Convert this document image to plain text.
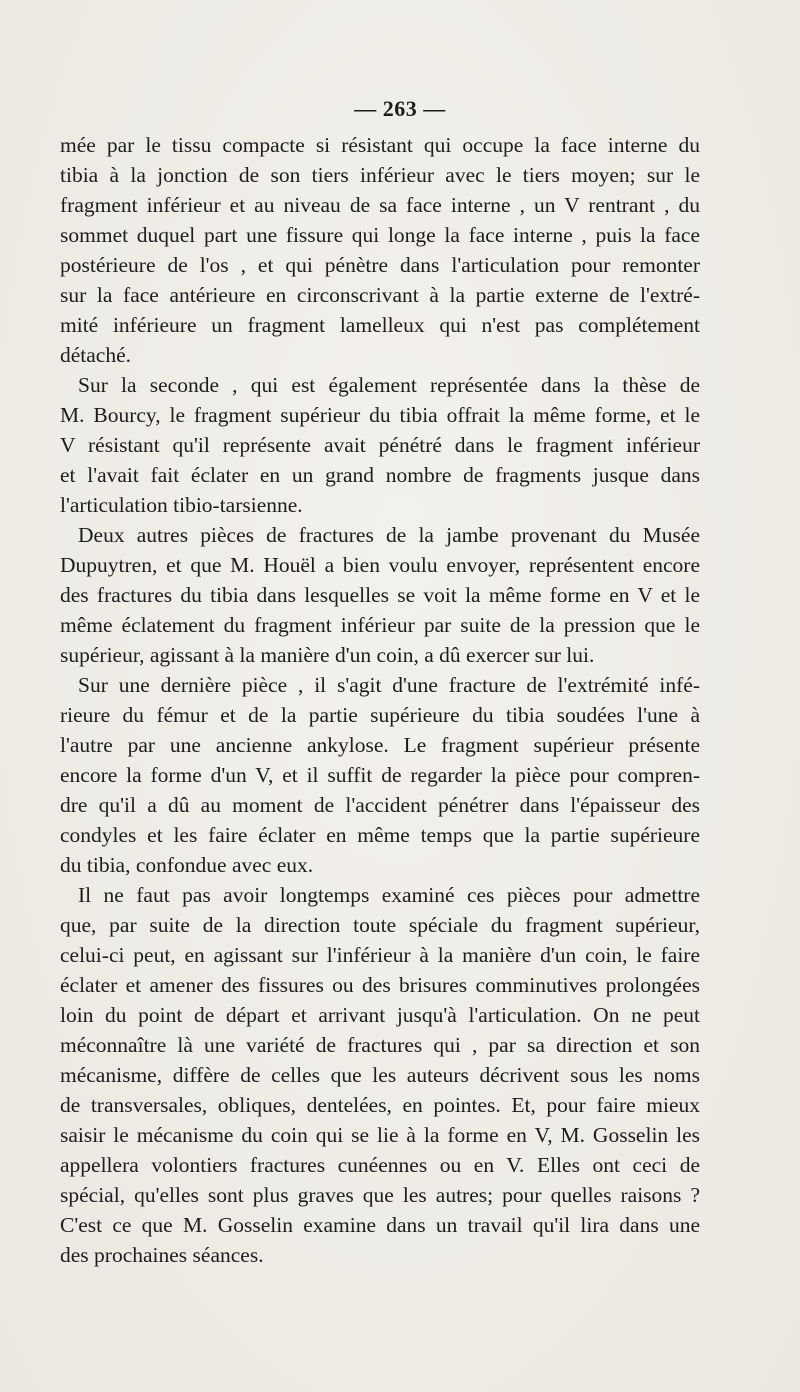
— 263 —
mée par le tissu compacte si résistant qui occupe la face interne du
tibia à la jonction de son tiers inférieur avec le tiers moyen; sur le
fragment inférieur et au niveau de sa face interne , un V rentrant , du
sommet duquel part une fissure qui longe la face interne , puis la face
postérieure de l'os , et qui pénètre dans l'articulation pour remonter
sur la face antérieure en circonscrivant à la partie externe de l'extré-
mité inférieure un fragment lamelleux qui n'est pas complétement
détaché.
Sur la seconde , qui est également représentée dans la thèse de
M. Bourcy, le fragment supérieur du tibia offrait la même forme, et le
V résistant qu'il représente avait pénétré dans le fragment inférieur
et l'avait fait éclater en un grand nombre de fragments jusque dans
l'articulation tibio-tarsienne.
Deux autres pièces de fractures de la jambe provenant du Musée
Dupuytren, et que M. Houël a bien voulu envoyer, représentent encore
des fractures du tibia dans lesquelles se voit la même forme en V et le
même éclatement du fragment inférieur par suite de la pression que le
supérieur, agissant à la manière d'un coin, a dû exercer sur lui.
Sur une dernière pièce , il s'agit d'une fracture de l'extrémité infé-
rieure du fémur et de la partie supérieure du tibia soudées l'une à
l'autre par une ancienne ankylose. Le fragment supérieur présente
encore la forme d'un V, et il suffit de regarder la pièce pour compren-
dre qu'il a dû au moment de l'accident pénétrer dans l'épaisseur des
condyles et les faire éclater en même temps que la partie supérieure
du tibia, confondue avec eux.
Il ne faut pas avoir longtemps examiné ces pièces pour admettre
que, par suite de la direction toute spéciale du fragment supérieur,
celui-ci peut, en agissant sur l'inférieur à la manière d'un coin, le faire
éclater et amener des fissures ou des brisures comminutives prolongées
loin du point de départ et arrivant jusqu'à l'articulation. On ne peut
méconnaître là une variété de fractures qui , par sa direction et son
mécanisme, diffère de celles que les auteurs décrivent sous les noms
de transversales, obliques, dentelées, en pointes. Et, pour faire mieux
saisir le mécanisme du coin qui se lie à la forme en V, M. Gosselin les
appellera volontiers fractures cunéennes ou en V. Elles ont ceci de
spécial, qu'elles sont plus graves que les autres; pour quelles raisons ?
C'est ce que M. Gosselin examine dans un travail qu'il lira dans une
des prochaines séances.
